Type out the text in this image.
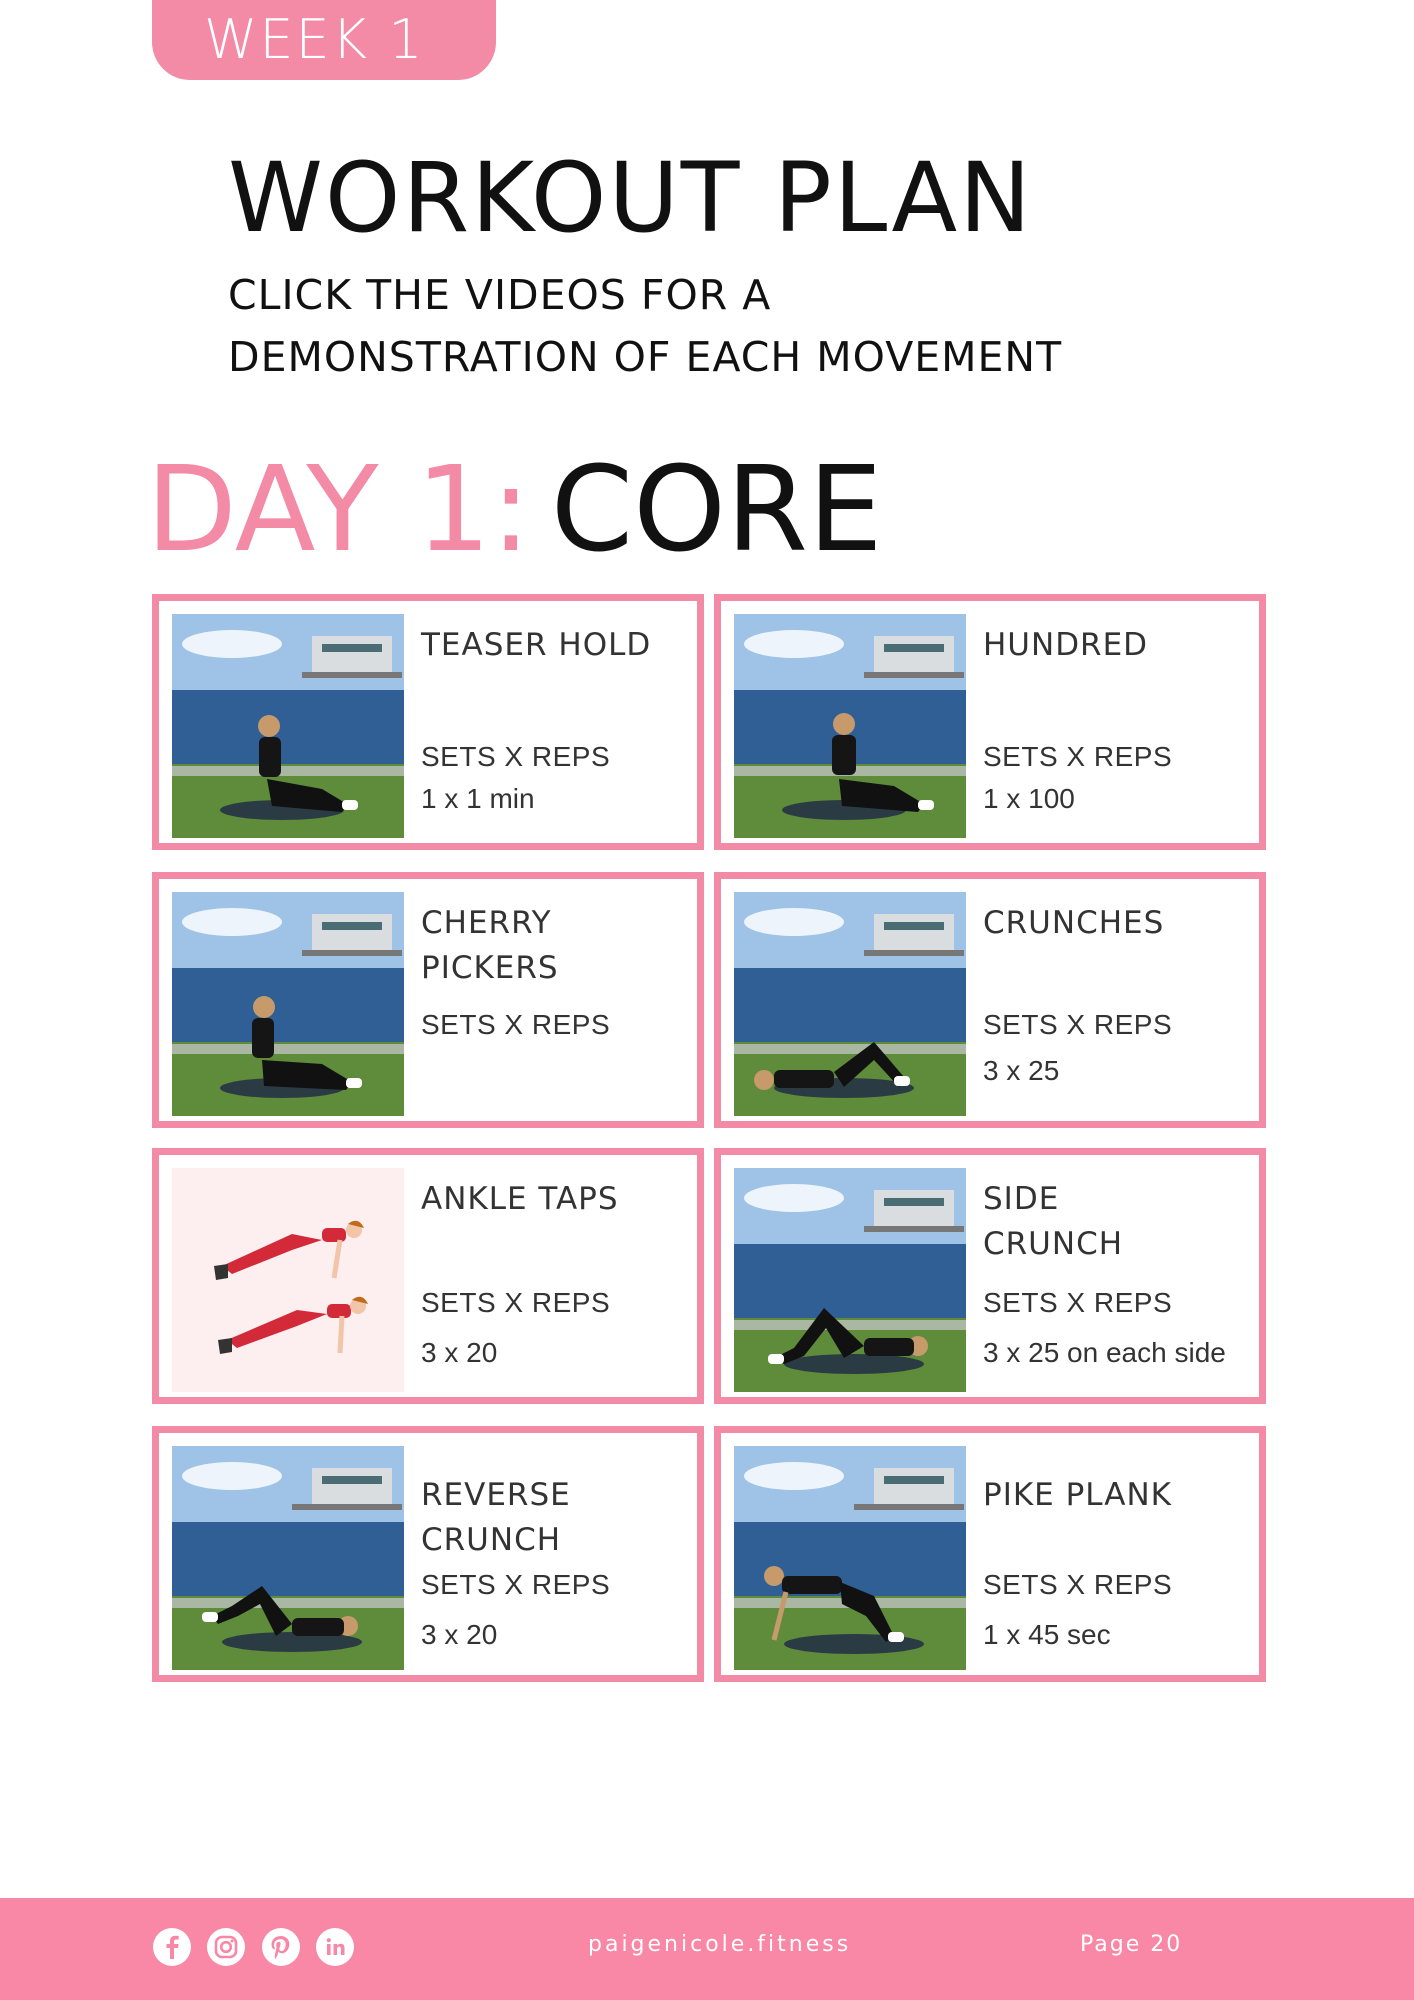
WEEK 1
WORKOUT PLAN
CLICK THE VIDEOS FOR A
DEMONSTRATION OF EACH MOVEMENT
DAY 1: CORE
TEASER HOLD
SETS X REPS
1 x 1 min
HUNDRED
SETS X REPS
1 x 100
CHERRY PICKERS
SETS X REPS
CRUNCHES
SETS X REPS
3 x 25
ANKLE TAPS
SETS X REPS
3 x 20
SIDE CRUNCH
SETS X REPS
3 x 25 on each side
REVERSE CRUNCH
SETS X REPS
3 x 20
PIKE PLANK
SETS X REPS
1 x 45 sec
paigenicole.fitness	Page 20
